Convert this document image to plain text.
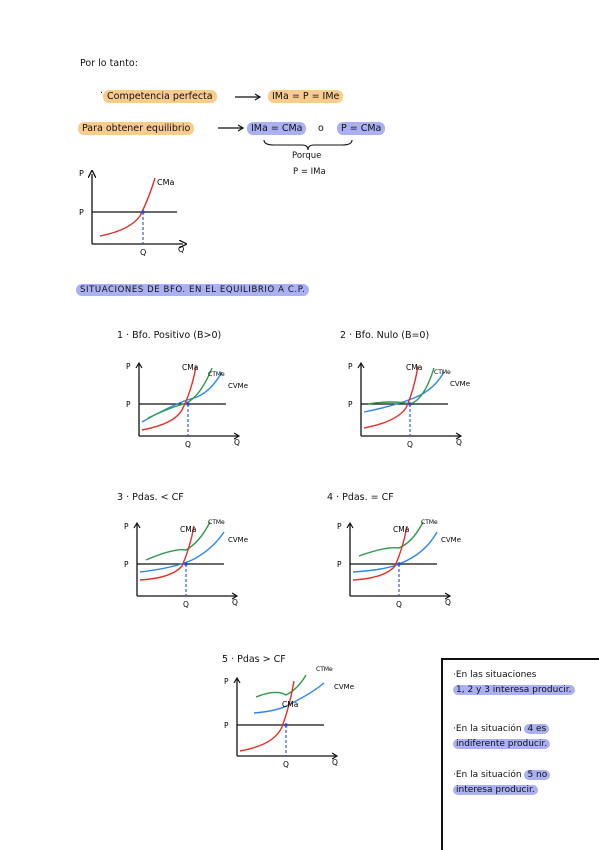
Por lo tanto:
· Competencia perfecta	IMa = P = IMe
Para obtener equilibrio	IMa = CMa	o	P = CMa
Porque
P = IMa
P
P
Q	Q
CMa
SITUACIONES DE BFO. EN EL EQUILIBRIO A C.P.
1 · Bfo. Positivo (B>0)	2 · Bfo. Nulo (B=0)
3 · Pdas. < CF	4 · Pdas. = CF
5 · Pdas > CF
P
P
Q	Q
CMa
CTMe
CVMe
P
P
Q	Q
CMa
CTMe
CVMe
P
P
Q	Q
CMa
CTMe
CVMe
P
P
Q	Q
CMa
CTMe
CVMe
P
P
Q	Q
CMa
CTMe
CVMe
·En las situaciones
1, 2 y 3 interesa producir.
·En la situación 4 es
indiferente producir.
·En la situación 5 no
interesa producir.
